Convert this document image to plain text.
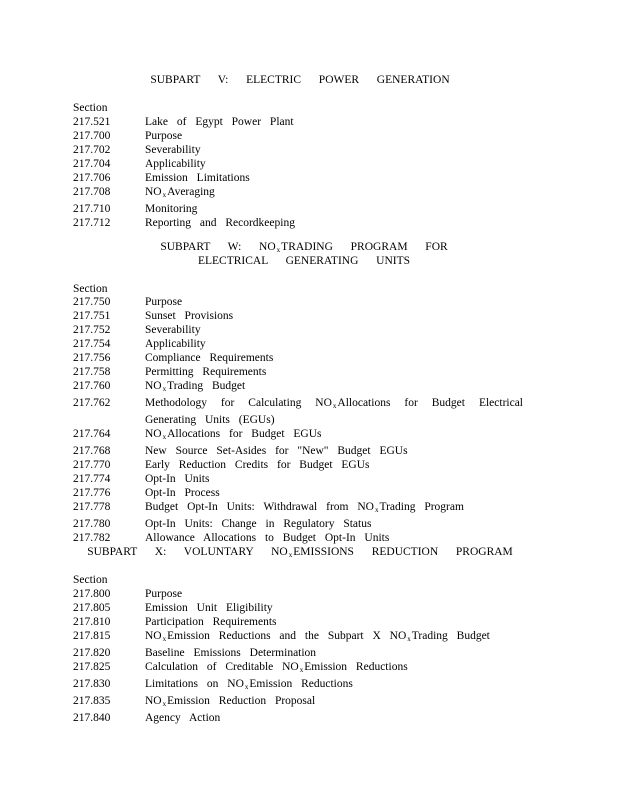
SUBPART  V:  ELECTRIC  POWER  GENERATION
Section
217.521	Lake of Egypt Power Plant
217.700	Purpose
217.702	Severability
217.704	Applicability
217.706	Emission Limitations
217.708	$NO_xAveraging$
217.710	Monitoring
217.712	Reporting and Recordkeeping
SUBPART  W:  $NO_xTRADING$  PROGRAM  FOR
ELECTRICAL  GENERATING  UNITS
Section
217.750	Purpose
217.751	Sunset Provisions
217.752	Severability
217.754	Applicability
217.756	Compliance Requirements
217.758	Permitting Requirements
217.760	$NO_xTrading$ Budget
217.762	Methodology for Calculating $NO_xAllocations$ for Budget Electrical Generating Units (EGUs)
217.764	$NO_xAllocations$ for Budget EGUs
217.768	New Source Set-Asides for "New" Budget EGUs
217.770	Early Reduction Credits for Budget EGUs
217.774	Opt-In Units
217.776	Opt-In Process
217.778	Budget Opt-In Units: Withdrawal from $NO_xTrading$ Program
217.780	Opt-In Units: Change in Regulatory Status
217.782	Allowance Allocations to Budget Opt-In Units
SUBPART  X:  VOLUNTARY  $NO_xEMISSIONS$  REDUCTION  PROGRAM
Section
217.800	Purpose
217.805	Emission Unit Eligibility
217.810	Participation Requirements
217.815	$NO_xEmission$ Reductions and the Subpart X $NO_xTrading$ Budget
217.820	Baseline Emissions Determination
217.825	Calculation of Creditable $NO_xEmission$ Reductions
217.830	Limitations on $NO_xEmission$ Reductions
217.835	$NO_xEmission$ Reduction Proposal
217.840	Agency Action
